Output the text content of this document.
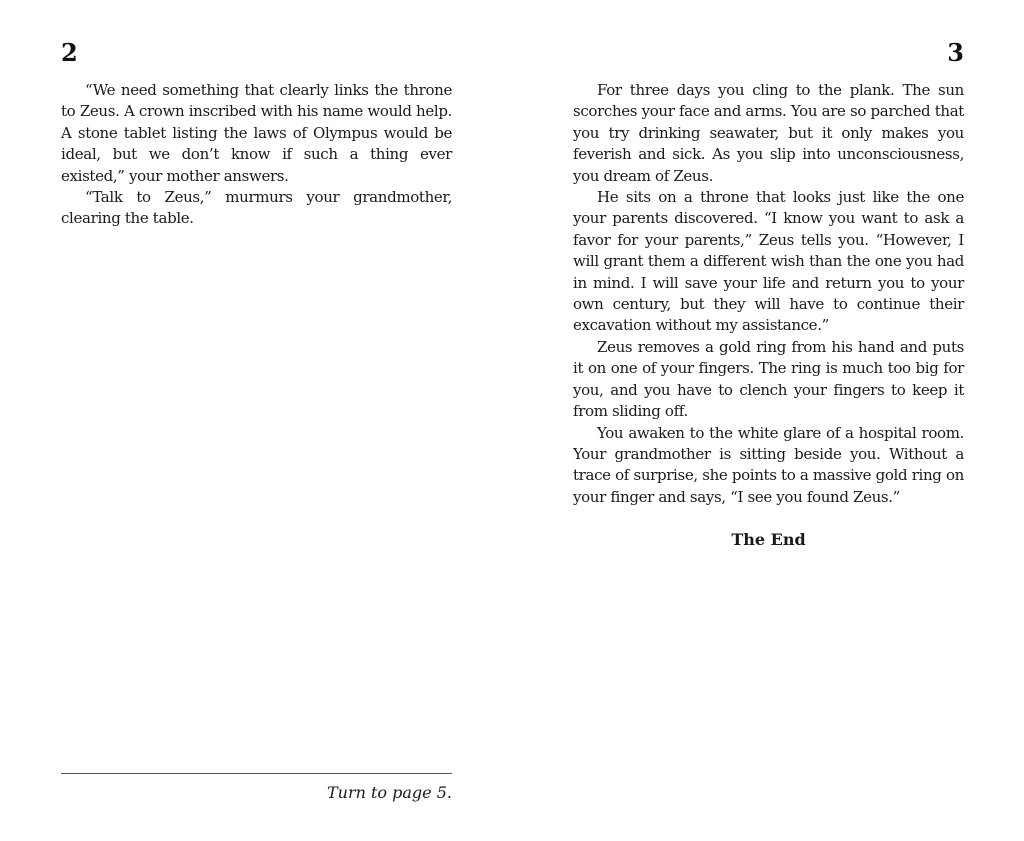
2

“We need something that clearly links the throne to Zeus. A crown inscribed with his name would help. A stone tablet listing the laws of Olympus would be ideal, but we don’t know if such a thing ever existed,” your mother answers.

“Talk to Zeus,” murmurs your grandmother, clearing the table.

Turn to page 5.
3

For three days you cling to the plank. The sun scorches your face and arms. You are so parched that you try drinking seawater, but it only makes you feverish and sick. As you slip into unconsciousness, you dream of Zeus.

He sits on a throne that looks just like the one your parents discovered. “I know you want to ask a favor for your parents,” Zeus tells you. “However, I will grant them a different wish than the one you had in mind. I will save your life and return you to your own century, but they will have to continue their excavation without my assistance.”

Zeus removes a gold ring from his hand and puts it on one of your fingers. The ring is much too big for you, and you have to clench your fingers to keep it from sliding off.

You awaken to the white glare of a hospital room. Your grandmother is sitting beside you. Without a trace of surprise, she points to a massive gold ring on your finger and says, “I see you found Zeus.”

The End
